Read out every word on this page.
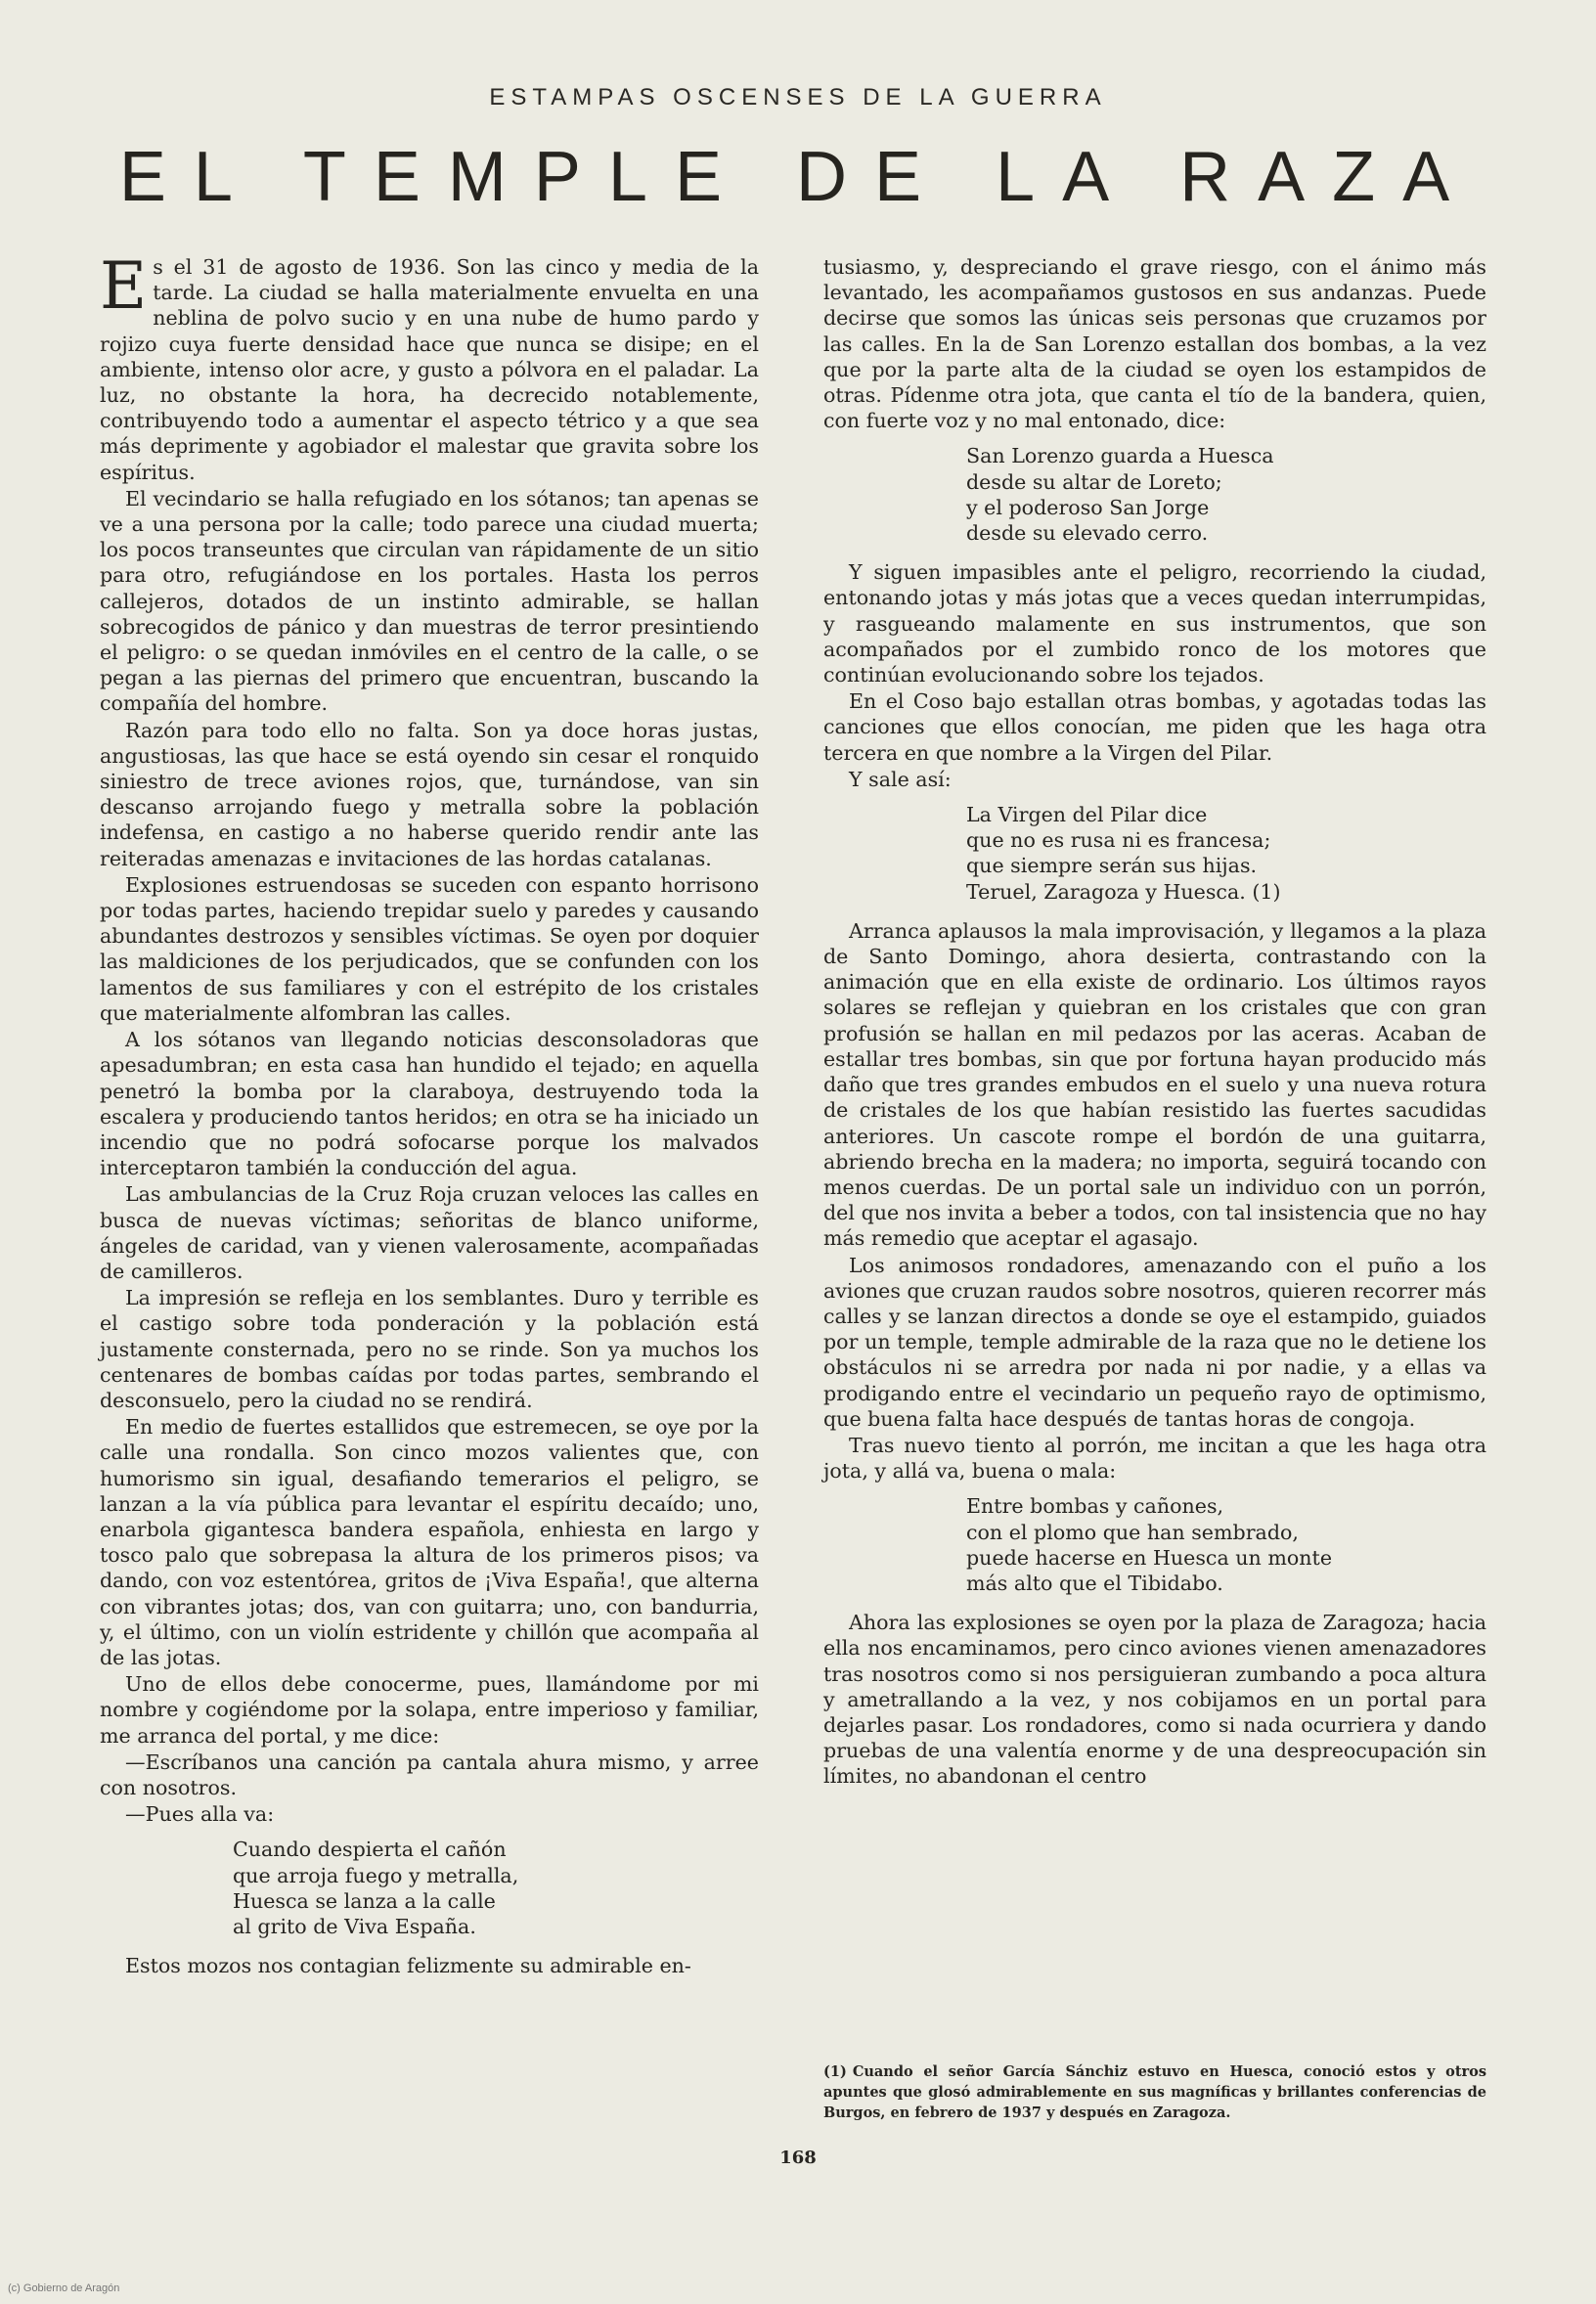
ESTAMPAS OSCENSES DE LA GUERRA
EL TEMPLE DE LA RAZA

Es el 31 de agosto de 1936. Son las cinco y media de la tarde. La ciudad se halla materialmente envuelta en una neblina de polvo sucio y en una nube de humo pardo y rojizo cuya fuerte densidad hace que nunca se disipe; en el ambiente, intenso olor acre, y gusto a pólvora en el paladar. La luz, no obstante la hora, ha decrecido notablemente, contribuyendo todo a aumentar el aspecto tétrico y a que sea más deprimente y agobiador el malestar que gravita sobre los espíritus.

El vecindario se halla refugiado en los sótanos; tan apenas se ve a una persona por la calle; todo parece una ciudad muerta; los pocos transeuntes que circulan van rápidamente de un sitio para otro, refugiándose en los portales. Hasta los perros callejeros, dotados de un instinto admirable, se hallan sobrecogidos de pánico y dan muestras de terror presintiendo el peligro: o se quedan inmóviles en el centro de la calle, o se pegan a las piernas del primero que encuentran, buscando la compañía del hombre.

Razón para todo ello no falta. Son ya doce horas justas, angustiosas, las que hace se está oyendo sin cesar el ronquido siniestro de trece aviones rojos, que, turnándose, van sin descanso arrojando fuego y metralla sobre la población indefensa, en castigo a no haberse querido rendir ante las reiteradas amenazas e invitaciones de las hordas catalanas.

Explosiones estruendosas se suceden con espanto horrisono por todas partes, haciendo trepidar suelo y paredes y causando abundantes destrozos y sensibles víctimas. Se oyen por doquier las maldiciones de los perjudicados, que se confunden con los lamentos de sus familiares y con el estrépito de los cristales que materialmente alfombran las calles.

A los sótanos van llegando noticias desconsoladoras que apesadumbran; en esta casa han hundido el tejado; en aquella penetró la bomba por la claraboya, destruyendo toda la escalera y produciendo tantos heridos; en otra se ha iniciado un incendio que no podrá sofocarse porque los malvados interceptaron también la conducción del agua.

Las ambulancias de la Cruz Roja cruzan veloces las calles en busca de nuevas víctimas; señoritas de blanco uniforme, ángeles de caridad, van y vienen valerosamente, acompañadas de camilleros.

La impresión se refleja en los semblantes. Duro y terrible es el castigo sobre toda ponderación y la población está justamente consternada, pero no se rinde. Son ya muchos los centenares de bombas caídas por todas partes, sembrando el desconsuelo, pero la ciudad no se rendirá.

En medio de fuertes estallidos que estremecen, se oye por la calle una rondalla. Son cinco mozos valientes que, con humorismo sin igual, desafiando temerarios el peligro, se lanzan a la vía pública para levantar el espíritu decaído; uno, enarbola gigantesca bandera española, enhiesta en largo y tosco palo que sobrepasa la altura de los primeros pisos; va dando, con voz estentórea, gritos de ¡Viva España!, que alterna con vibrantes jotas; dos, van con guitarra; uno, con bandurria, y, el último, con un violín estridente y chillón que acompaña al de las jotas.

Uno de ellos debe conocerme, pues, llamándome por mi nombre y cogiéndome por la solapa, entre imperioso y familiar, me arranca del portal, y me dice:

—Escríbanos una canción pa cantala ahura mismo, y arree con nosotros.

—Pues alla va:

Cuando despierta el cañón
que arroja fuego y metralla,
Huesca se lanza a la calle
al grito de Viva España.

Estos mozos nos contagian felizmente su admirable en-

tusiasmo, y, despreciando el grave riesgo, con el ánimo más levantado, les acompañamos gustosos en sus andanzas. Puede decirse que somos las únicas seis personas que cruzamos por las calles. En la de San Lorenzo estallan dos bombas, a la vez que por la parte alta de la ciudad se oyen los estampidos de otras. Pídenme otra jota, que canta el tío de la bandera, quien, con fuerte voz y no mal entonado, dice:

San Lorenzo guarda a Huesca
desde su altar de Loreto;
y el poderoso San Jorge
desde su elevado cerro.

Y siguen impasibles ante el peligro, recorriendo la ciudad, entonando jotas y más jotas que a veces quedan interrumpidas, y rasgueando malamente en sus instrumentos, que son acompañados por el zumbido ronco de los motores que continúan evolucionando sobre los tejados.

En el Coso bajo estallan otras bombas, y agotadas todas las canciones que ellos conocían, me piden que les haga otra tercera en que nombre a la Virgen del Pilar.

Y sale así:

La Virgen del Pilar dice
que no es rusa ni es francesa;
que siempre serán sus hijas.
Teruel, Zaragoza y Huesca. (1)

Arranca aplausos la mala improvisación, y llegamos a la plaza de Santo Domingo, ahora desierta, contrastando con la animación que en ella existe de ordinario. Los últimos rayos solares se reflejan y quiebran en los cristales que con gran profusión se hallan en mil pedazos por las aceras. Acaban de estallar tres bombas, sin que por fortuna hayan producido más daño que tres grandes embudos en el suelo y una nueva rotura de cristales de los que habían resistido las fuertes sacudidas anteriores. Un cascote rompe el bordón de una guitarra, abriendo brecha en la madera; no importa, seguirá tocando con menos cuerdas. De un portal sale un individuo con un porrón, del que nos invita a beber a todos, con tal insistencia que no hay más remedio que aceptar el agasajo.

Los animosos rondadores, amenazando con el puño a los aviones que cruzan raudos sobre nosotros, quieren recorrer más calles y se lanzan directos a donde se oye el estampido, guiados por un temple, temple admirable de la raza que no le detiene los obstáculos ni se arredra por nada ni por nadie, y a ellas va prodigando entre el vecindario un pequeño rayo de optimismo, que buena falta hace después de tantas horas de congoja.

Tras nuevo tiento al porrón, me incitan a que les haga otra jota, y allá va, buena o mala:

Entre bombas y cañones,
con el plomo que han sembrado,
puede hacerse en Huesca un monte
más alto que el Tibidabo.

Ahora las explosiones se oyen por la plaza de Zaragoza; hacia ella nos encaminamos, pero cinco aviones vienen amenazadores tras nosotros como si nos persiguieran zumbando a poca altura y ametrallando a la vez, y nos cobijamos en un portal para dejarles pasar. Los rondadores, como si nada ocurriera y dando pruebas de una valentía enorme y de una despreocupación sin límites, no abandonan el centro

(1) Cuando el señor García Sánchiz estuvo en Huesca, conoció estos y otros apuntes que glosó admirablemente en sus magníficas y brillantes conferencias de Burgos, en febrero de 1937 y después en Zaragoza.
168
(c) Gobierno de Aragón
